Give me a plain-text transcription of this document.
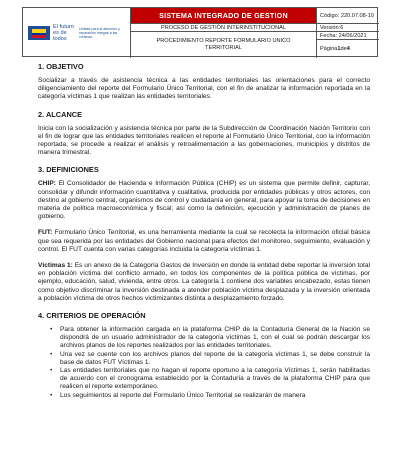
El futuro es de todos
Unidad para la atención y reparación integral a las víctimas
SISTEMA INTEGRADO DE GESTION	Código: 220.07.08-10
PROCESO DE GESTIÓN INTERINSTITUCIONAL	Versión:6
PROCEDIMIENTO REPORTE FORMULARIO UNICO TERRITORIAL
Fecha: 24/06/2021
Página 1 de 4
1. OBJETIVO

Socializar a través de asistencia técnica a las entidades territoriales las orientaciones para el correcto diligenciamiento del reporte del Formulario Único Territorial, con el fin de analizar la información reportada en la categoría víctimas 1 que realizan las entidades territoriales.

2. ALCANCE

Inicia con la socialización y asistencia técnica por parte de la Subdirección de Coordinación Nación Territorio con el fin de lograr que las entidades territoriales realicen el reporte al Formulario Único Territorial, con la información reportada, se procede a realizar el análisis y retroalimentación a las gobernaciones, municipios y distritos de manera trimestral.

3. DEFINICIONES

CHIP: El Consolidador de Hacienda e Información Pública (CHIP) es un sistema que permite definir, capturar, consolidar y difundir información cuantitativa y cualitativa, producida por entidades públicas y otros actores, con destino al gobierno central, organismos de control y ciudadanía en general, para apoyar la toma de decisiones en materia de política macroeconómica y fiscal; así como la definición, ejecución y administración de planes de gobierno.

FUT: Formulario Único Territorial, es una herramienta mediante la cual se recolecta la información oficial básica que sea requerida por las entidades del Gobierno nacional para efectos del monitoreo, seguimiento, evaluación y control. El FUT cuenta con varias categorías incluida la categoría víctimas 1.

Víctimas 1: Es un anexo de la Categoría Gastos de Inversión en donde la entidad debe reportar la inversión total en población víctima del conflicto armado, en todos los componentes de la política pública de víctimas, por ejemplo, educación, salud, vivienda, entre otros. La categoría 1 contiene dos variables encabezado, estas tienen como objetivo discriminar la inversión destinada a atender población víctima desplazada y la inversión orientada a población víctima de otros hechos victimizantes distinta a desplazamiento forzado.

4. CRITERIOS DE OPERACIÓN
• Para obtener la información cargada en la plataforma CHIP de la Contaduría General de la Nación se dispondrá de un usuario administrador de la categoría víctimas 1, con el cual se podrán descargar los archivos planos de los reportes realizados por las entidades territoriales.
• Una vez se cuente con los archivos planos del reporte de la categoría víctimas 1, se debe construir la base de datos FUT Víctimas 1.
• Las entidades territoriales que no hagan el reporte oportuno a la categoría Víctimas 1, serán habilitadas de acuerdo con el cronograma establecido por la Contaduría a través de la plataforma CHIP para que realicen el reporte extemporáneo.
• Los seguimientos al reporte del Formulario Único Territorial se realizarán de manera
